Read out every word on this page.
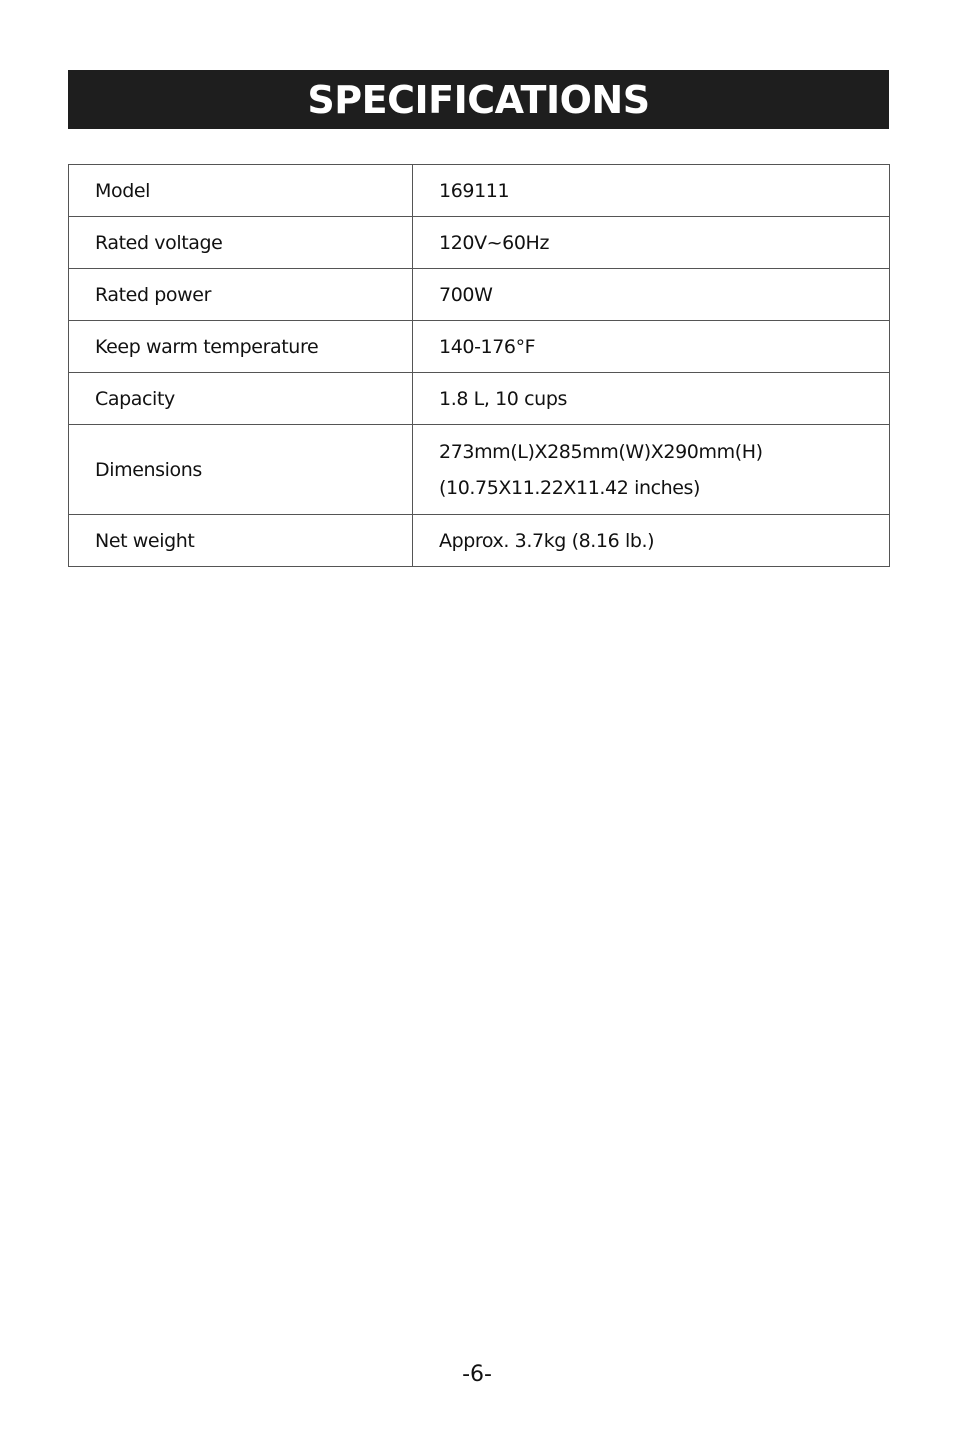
SPECIFICATIONS
Model	169111
Rated voltage	120V~60Hz
Rated power	700W
Keep warm temperature	140-176°F
Capacity	1.8 L, 10 cups
Dimensions	273mm(L)X285mm(W)X290mm(H)
(10.75X11.22X11.42 inches)

Net weight	Approx. 3.7kg (8.16 lb.)
-6-
